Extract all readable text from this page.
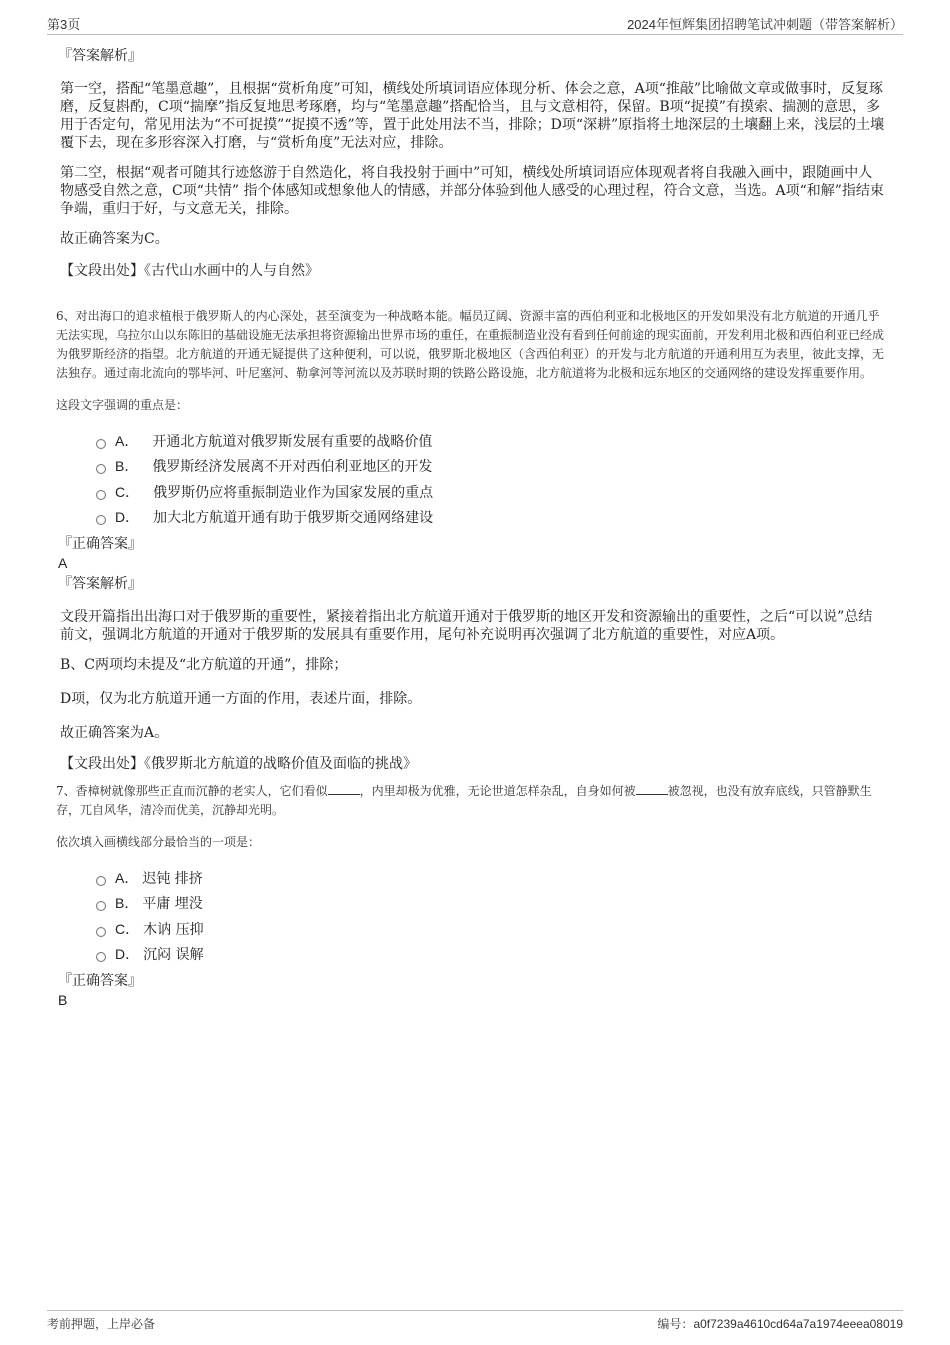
第3页	2024年恒辉集团招聘笔试冲刺题（带答案解析）
『答案解析』

第一空，搭配“笔墨意趣”，且根据“赏析角度”可知，横线处所填词语应体现分析、体会之意，A项“推敲”比喻做文章或做事时，反复琢磨，反复斟酌，C项“揣摩”指反复地思考琢磨，均与“笔墨意趣”搭配恰当，且与文意相符，保留。B项“捉摸”有摸索、揣测的意思，多用于否定句，常见用法为“不可捉摸”“捉摸不透”等，置于此处用法不当，排除；D项“深耕”原指将土地深层的土壤翻上来，浅层的土壤覆下去，现在多形容深入打磨，与“赏析角度”无法对应，排除。

第二空，根据“观者可随其行迹悠游于自然造化，将自我投射于画中”可知，横线处所填词语应体现观者将自我融入画中，跟随画中人物感受自然之意，C项“共情” 指个体感知或想象他人的情感，并部分体验到他人感受的心理过程，符合文意，当选。A项“和解”指结束争端，重归于好，与文意无关，排除。

故正确答案为C。

【文段出处】《古代山水画中的人与自然》

6、对出海口的追求植根于俄罗斯人的内心深处，甚至演变为一种战略本能。幅员辽阔、资源丰富的西伯利亚和北极地区的开发如果没有北方航道的开通几乎无法实现，乌拉尔山以东陈旧的基础设施无法承担将资源输出世界市场的重任，在重振制造业没有看到任何前途的现实面前，开发利用北极和西伯利亚已经成为俄罗斯经济的指望。北方航道的开通无疑提供了这种便利，可以说，俄罗斯北极地区（含西伯利亚）的开发与北方航道的开通利用互为表里，彼此支撑，无法独存。通过南北流向的鄂毕河、叶尼塞河、勒拿河等河流以及苏联时期的铁路公路设施，北方航道将为北极和远东地区的交通网络的建设发挥重要作用。

这段文字强调的重点是：
A． 开通北方航道对俄罗斯发展有重要的战略价值
B． 俄罗斯经济发展离不开对西伯利亚地区的开发
C． 俄罗斯仍应将重振制造业作为国家发展的重点
D． 加大北方航道开通有助于俄罗斯交通网络建设
『正确答案』
A
『答案解析』

文段开篇指出出海口对于俄罗斯的重要性，紧接着指出北方航道开通对于俄罗斯的地区开发和资源输出的重要性，之后“可以说”总结前文，强调北方航道的开通对于俄罗斯的发展具有重要作用，尾句补充说明再次强调了北方航道的重要性，对应A项。

B、C两项均未提及“北方航道的开通”，排除；

D项，仅为北方航道开通一方面的作用，表述片面，排除。

故正确答案为A。

【文段出处】《俄罗斯北方航道的战略价值及面临的挑战》

7、香樟树就像那些正直而沉静的老实人，它们看似	，内里却极为优雅，无论世道怎样杂乱，自身如何被	被忽视，也没有放弃底线，只管静默生存，兀自风华，清冷而优美，沉静却光明。

依次填入画横线部分最恰当的一项是：
A． 迟钝 排挤
B． 平庸 埋没
C． 木讷 压抑
D． 沉闷 误解
『正确答案』
B
考前押题，上岸必备	编号：a0f7239a4610cd64a7a1974eeea08019
